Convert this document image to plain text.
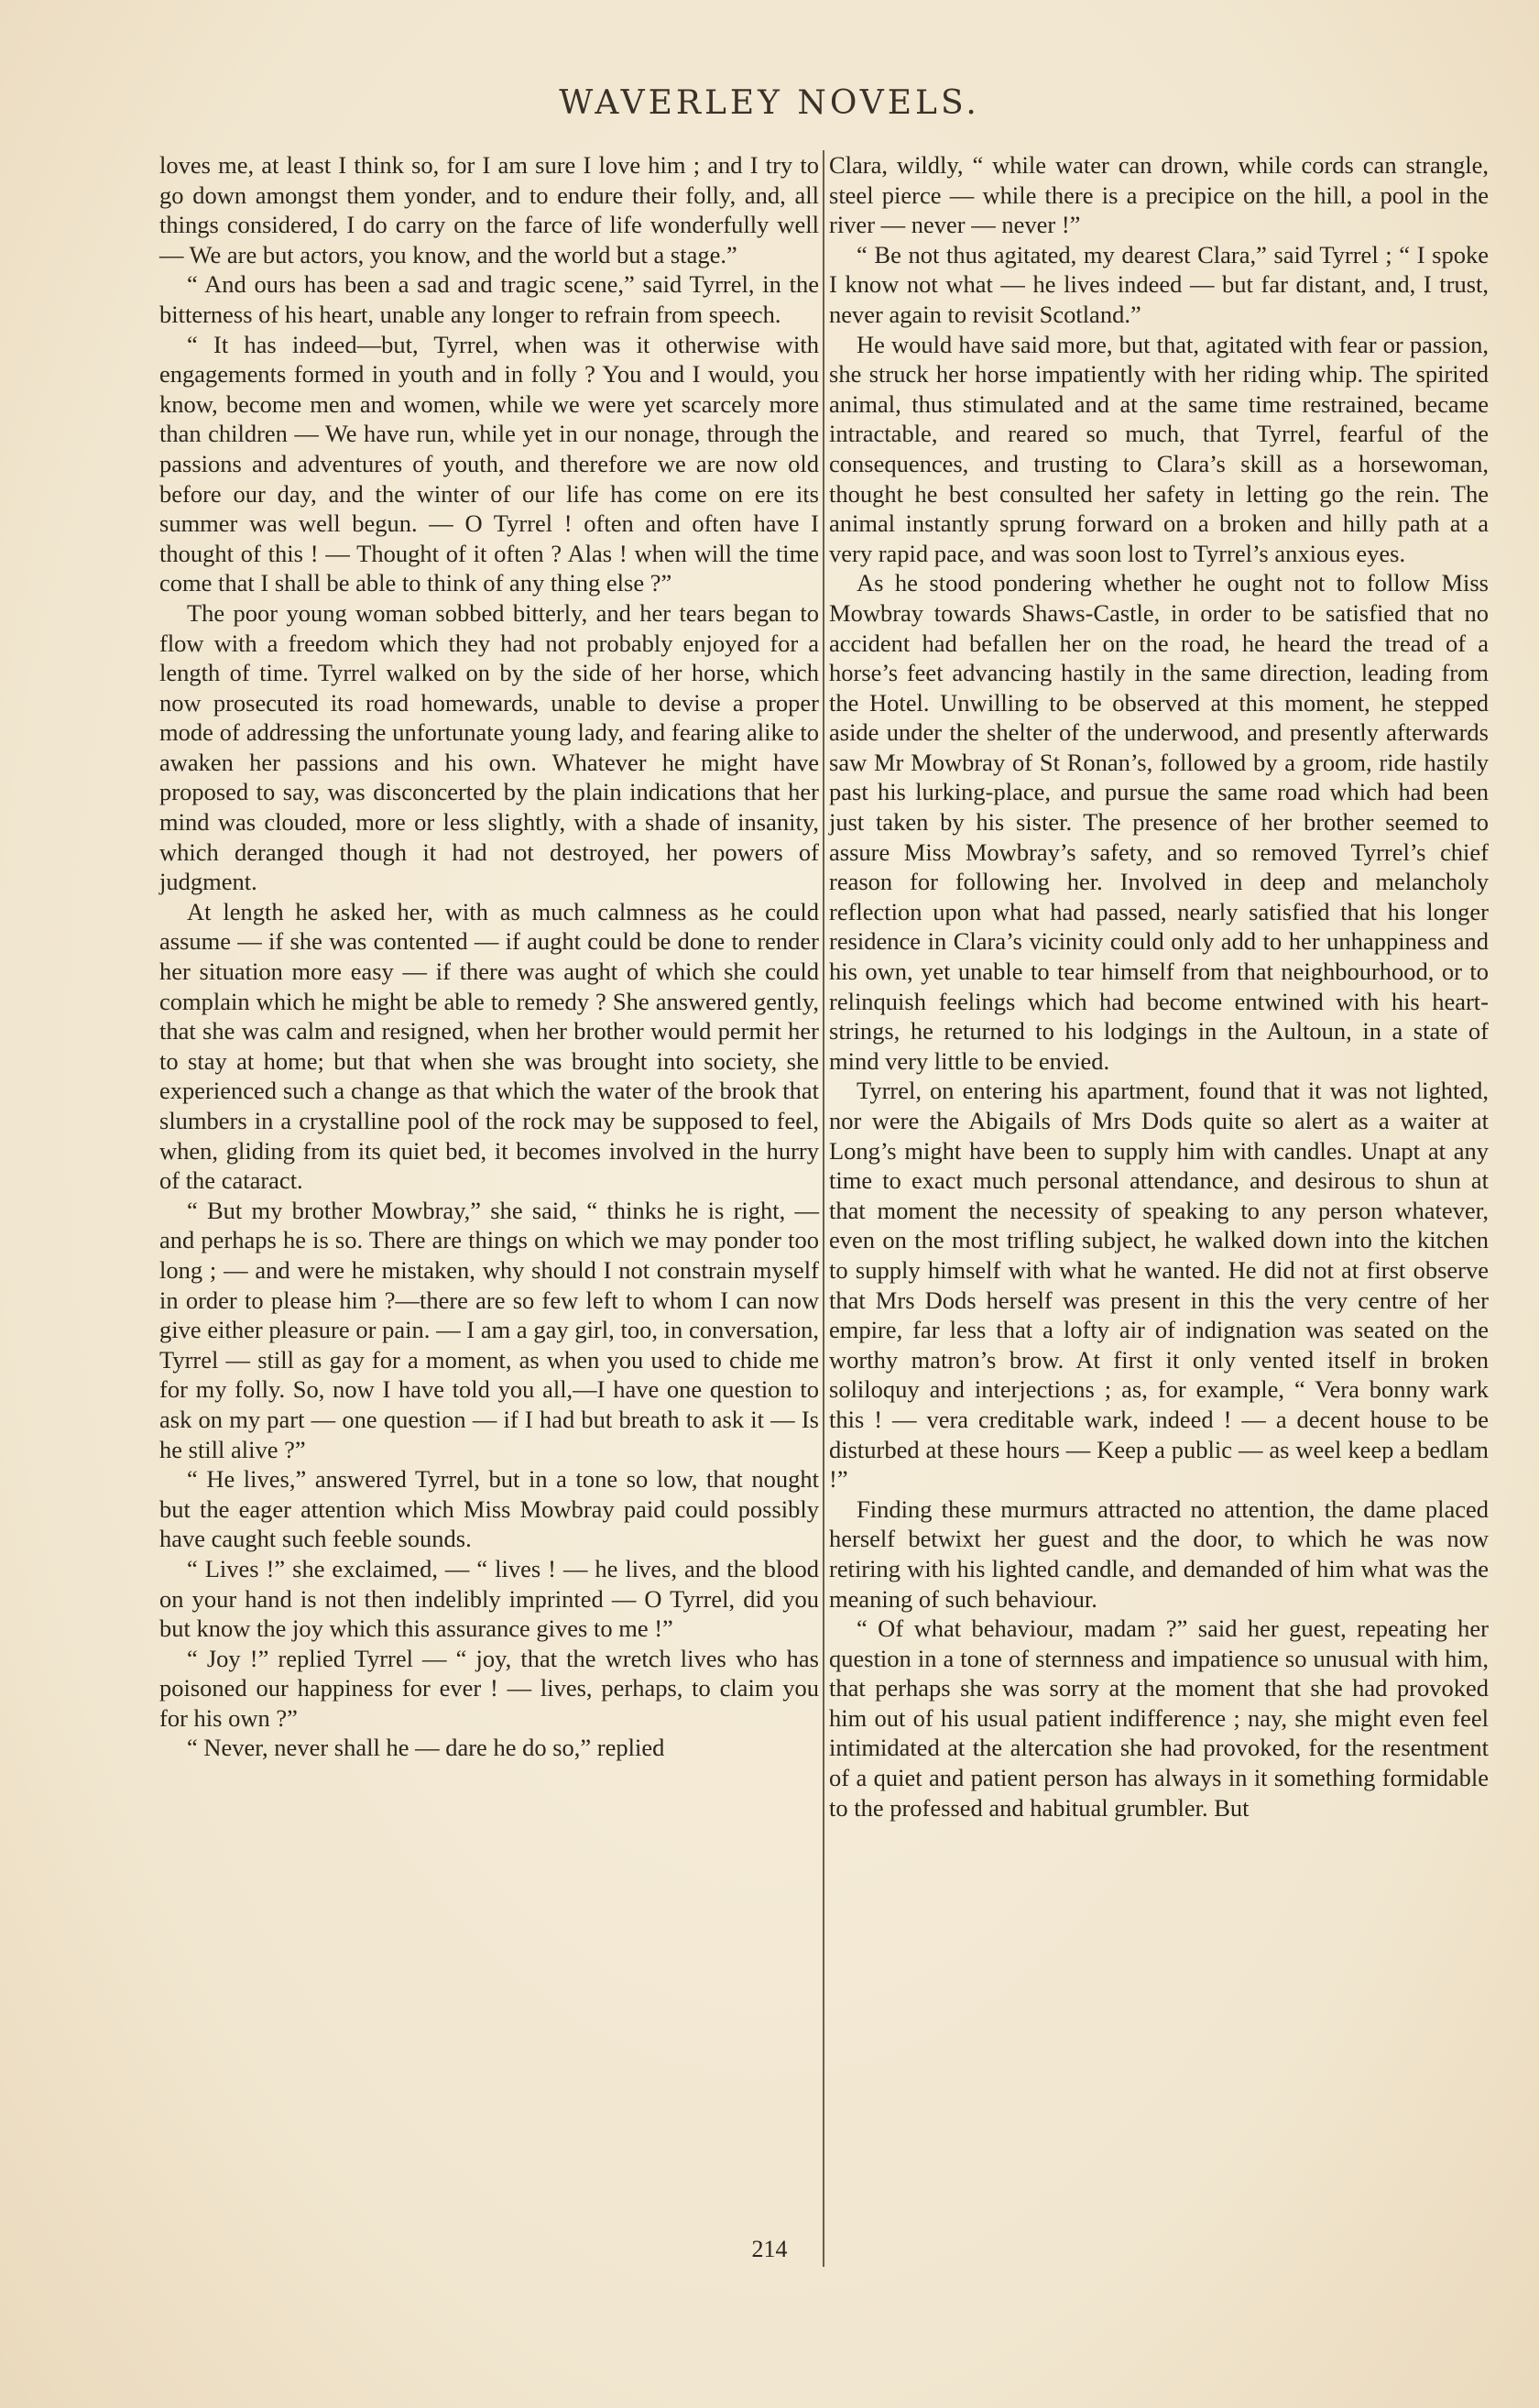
WAVERLEY NOVELS.

loves me, at least I think so, for I am sure I love him ; and I try to go down amongst them yonder, and to endure their folly, and, all things considered, I do carry on the farce of life wonderfully well — We are but actors, you know, and the world but a stage.”

“ And ours has been a sad and tragic scene,” said Tyrrel, in the bitterness of his heart, unable any longer to refrain from speech.

“ It has indeed—but, Tyrrel, when was it otherwise with engagements formed in youth and in folly ? You and I would, you know, become men and women, while we were yet scarcely more than children — We have run, while yet in our nonage, through the passions and adventures of youth, and therefore we are now old before our day, and the winter of our life has come on ere its summer was well begun. — O Tyrrel ! often and often have I thought of this ! — Thought of it often ? Alas ! when will the time come that I shall be able to think of any thing else ?”

The poor young woman sobbed bitterly, and her tears began to flow with a freedom which they had not probably enjoyed for a length of time. Tyrrel walked on by the side of her horse, which now prosecuted its road homewards, unable to devise a proper mode of addressing the unfortunate young lady, and fearing alike to awaken her passions and his own. Whatever he might have proposed to say, was disconcerted by the plain indications that her mind was clouded, more or less slightly, with a shade of insanity, which deranged though it had not destroyed, her powers of judgment.

At length he asked her, with as much calmness as he could assume — if she was contented — if aught could be done to render her situation more easy — if there was aught of which she could complain which he might be able to remedy ? She answered gently, that she was calm and resigned, when her brother would permit her to stay at home; but that when she was brought into society, she experienced such a change as that which the water of the brook that slumbers in a crystalline pool of the rock may be supposed to feel, when, gliding from its quiet bed, it becomes involved in the hurry of the cataract.

“ But my brother Mowbray,” she said, “ thinks he is right, — and perhaps he is so. There are things on which we may ponder too long ; — and were he mistaken, why should I not constrain myself in order to please him ?—there are so few left to whom I can now give either pleasure or pain. — I am a gay girl, too, in conversation, Tyrrel — still as gay for a moment, as when you used to chide me for my folly. So, now I have told you all,—I have one question to ask on my part — one question — if I had but breath to ask it — Is he still alive ?”

“ He lives,” answered Tyrrel, but in a tone so low, that nought but the eager attention which Miss Mowbray paid could possibly have caught such feeble sounds.

“ Lives !” she exclaimed, — “ lives ! — he lives, and the blood on your hand is not then indelibly imprinted — O Tyrrel, did you but know the joy which this assurance gives to me !”

“ Joy !” replied Tyrrel — “ joy, that the wretch lives who has poisoned our happiness for ever ! — lives, perhaps, to claim you for his own ?”

“ Never, never shall he — dare he do so,” replied

Clara, wildly, “ while water can drown, while cords can strangle, steel pierce — while there is a precipice on the hill, a pool in the river — never — never !”

“ Be not thus agitated, my dearest Clara,” said Tyrrel ; “ I spoke I know not what — he lives indeed — but far distant, and, I trust, never again to revisit Scotland.”

He would have said more, but that, agitated with fear or passion, she struck her horse impatiently with her riding whip. The spirited animal, thus stimulated and at the same time restrained, became intractable, and reared so much, that Tyrrel, fearful of the consequences, and trusting to Clara’s skill as a horsewoman, thought he best consulted her safety in letting go the rein. The animal instantly sprung forward on a broken and hilly path at a very rapid pace, and was soon lost to Tyrrel’s anxious eyes.

As he stood pondering whether he ought not to follow Miss Mowbray towards Shaws-Castle, in order to be satisfied that no accident had befallen her on the road, he heard the tread of a horse’s feet advancing hastily in the same direction, leading from the Hotel. Unwilling to be observed at this moment, he stepped aside under the shelter of the underwood, and presently afterwards saw Mr Mowbray of St Ronan’s, followed by a groom, ride hastily past his lurking-place, and pursue the same road which had been just taken by his sister. The presence of her brother seemed to assure Miss Mowbray’s safety, and so removed Tyrrel’s chief reason for following her. Involved in deep and melancholy reflection upon what had passed, nearly satisfied that his longer residence in Clara’s vicinity could only add to her unhappiness and his own, yet unable to tear himself from that neighbourhood, or to relinquish feelings which had become entwined with his heart-strings, he returned to his lodgings in the Aultoun, in a state of mind very little to be envied.

Tyrrel, on entering his apartment, found that it was not lighted, nor were the Abigails of Mrs Dods quite so alert as a waiter at Long’s might have been to supply him with candles. Unapt at any time to exact much personal attendance, and desirous to shun at that moment the necessity of speaking to any person whatever, even on the most trifling subject, he walked down into the kitchen to supply himself with what he wanted. He did not at first observe that Mrs Dods herself was present in this the very centre of her empire, far less that a lofty air of indignation was seated on the worthy matron’s brow. At first it only vented itself in broken soliloquy and interjections ; as, for example, “ Vera bonny wark this ! — vera creditable wark, indeed ! — a decent house to be disturbed at these hours — Keep a public — as weel keep a bedlam !”

Finding these murmurs attracted no attention, the dame placed herself betwixt her guest and the door, to which he was now retiring with his lighted candle, and demanded of him what was the meaning of such behaviour.

“ Of what behaviour, madam ?” said her guest, repeating her question in a tone of sternness and impatience so unusual with him, that perhaps she was sorry at the moment that she had provoked him out of his usual patient indifference ; nay, she might even feel intimidated at the altercation she had provoked, for the resentment of a quiet and patient person has always in it something formidable to the professed and habitual grumbler. But

214
